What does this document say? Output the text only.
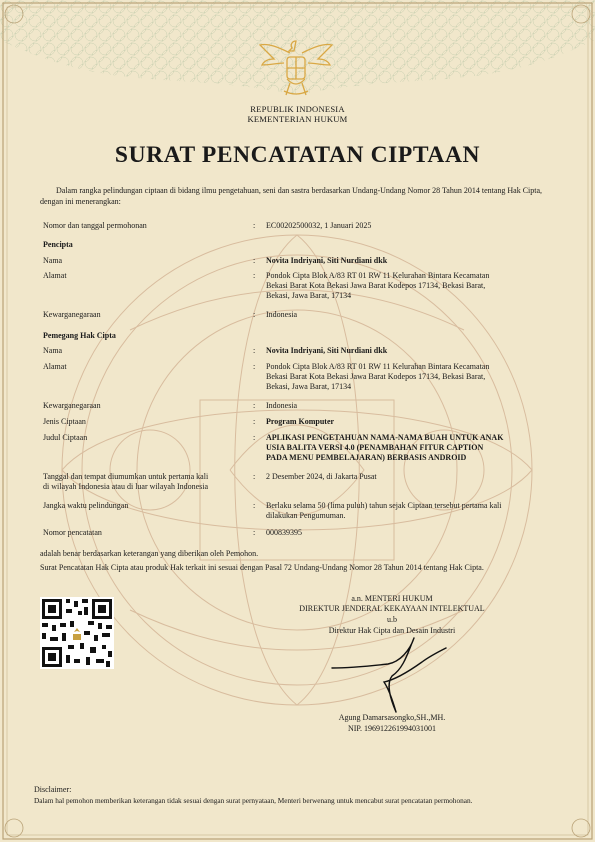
REPUBLIK INDONESIA
KEMENTERIAN HUKUM
SURAT PENCATATAN CIPTAAN
Dalam rangka pelindungan ciptaan di bidang ilmu pengetahuan, seni dan sastra berdasarkan Undang-Undang Nomor 28 Tahun 2014 tentang Hak Cipta, dengan ini menerangkan:
Nomor dan tanggal permohonan	: EC00202500032, 1 Januari 2025
Pencipta
Nama	: Novita Indriyani, Siti Nurdiani dkk
Alamat	: Pondok Cipta Blok A/83 RT 01 RW 11 Kelurahan Bintara Kecamatan
Bekasi Barat Kota Bekasi Jawa Barat Kodepos 17134, Bekasi Barat,
Bekasi, Jawa Barat, 17134
Kewarganegaraan	: Indonesia
Pemegang Hak Cipta
Nama	: Novita Indriyani, Siti Nurdiani dkk
Alamat	: Pondok Cipta Blok A/83 RT 01 RW 11 Kelurahan Bintara Kecamatan
Bekasi Barat Kota Bekasi Jawa Barat Kodepos 17134, Bekasi Barat,
Bekasi, Jawa Barat, 17134
Kewarganegaraan	: Indonesia
Jenis Ciptaan	: Program Komputer
Judul Ciptaan	: APLIKASI PENGETAHUAN NAMA-NAMA BUAH UNTUK ANAK
USIA BALITA VERSI 4.0 (PENAMBAHAN FITUR CAPTION
PADA MENU PEMBELAJARAN) BERBASIS ANDROID
Tanggal dan tempat diumumkan untuk pertama kali
di wilayah Indonesia atau di luar wilayah Indonesia
: 2 Desember 2024, di Jakarta Pusat
Jangka waktu pelindungan	: Berlaku selama 50 (lima puluh) tahun sejak Ciptaan tersebut pertama kali
dilakukan Pengumuman.
Nomor pencatatan	: 000839395
adalah benar berdasarkan keterangan yang diberikan oleh Pemohon.
Surat Pencatatan Hak Cipta atau produk Hak terkait ini sesuai dengan Pasal 72 Undang-Undang Nomor 28 Tahun 2014 tentang Hak Cipta.
a.n. MENTERI HUKUM
DIREKTUR JENDERAL KEKAYAAN INTELEKTUAL
u.b
Direktur Hak Cipta dan Desain Industri
Agung Damarsasongko,SH.,MH.
NIP. 196912261994031001
Disclaimer:
Dalam hal pemohon memberikan keterangan tidak sesuai dengan surat pernyataan, Menteri berwenang untuk mencabut surat pencatatan permohonan.
